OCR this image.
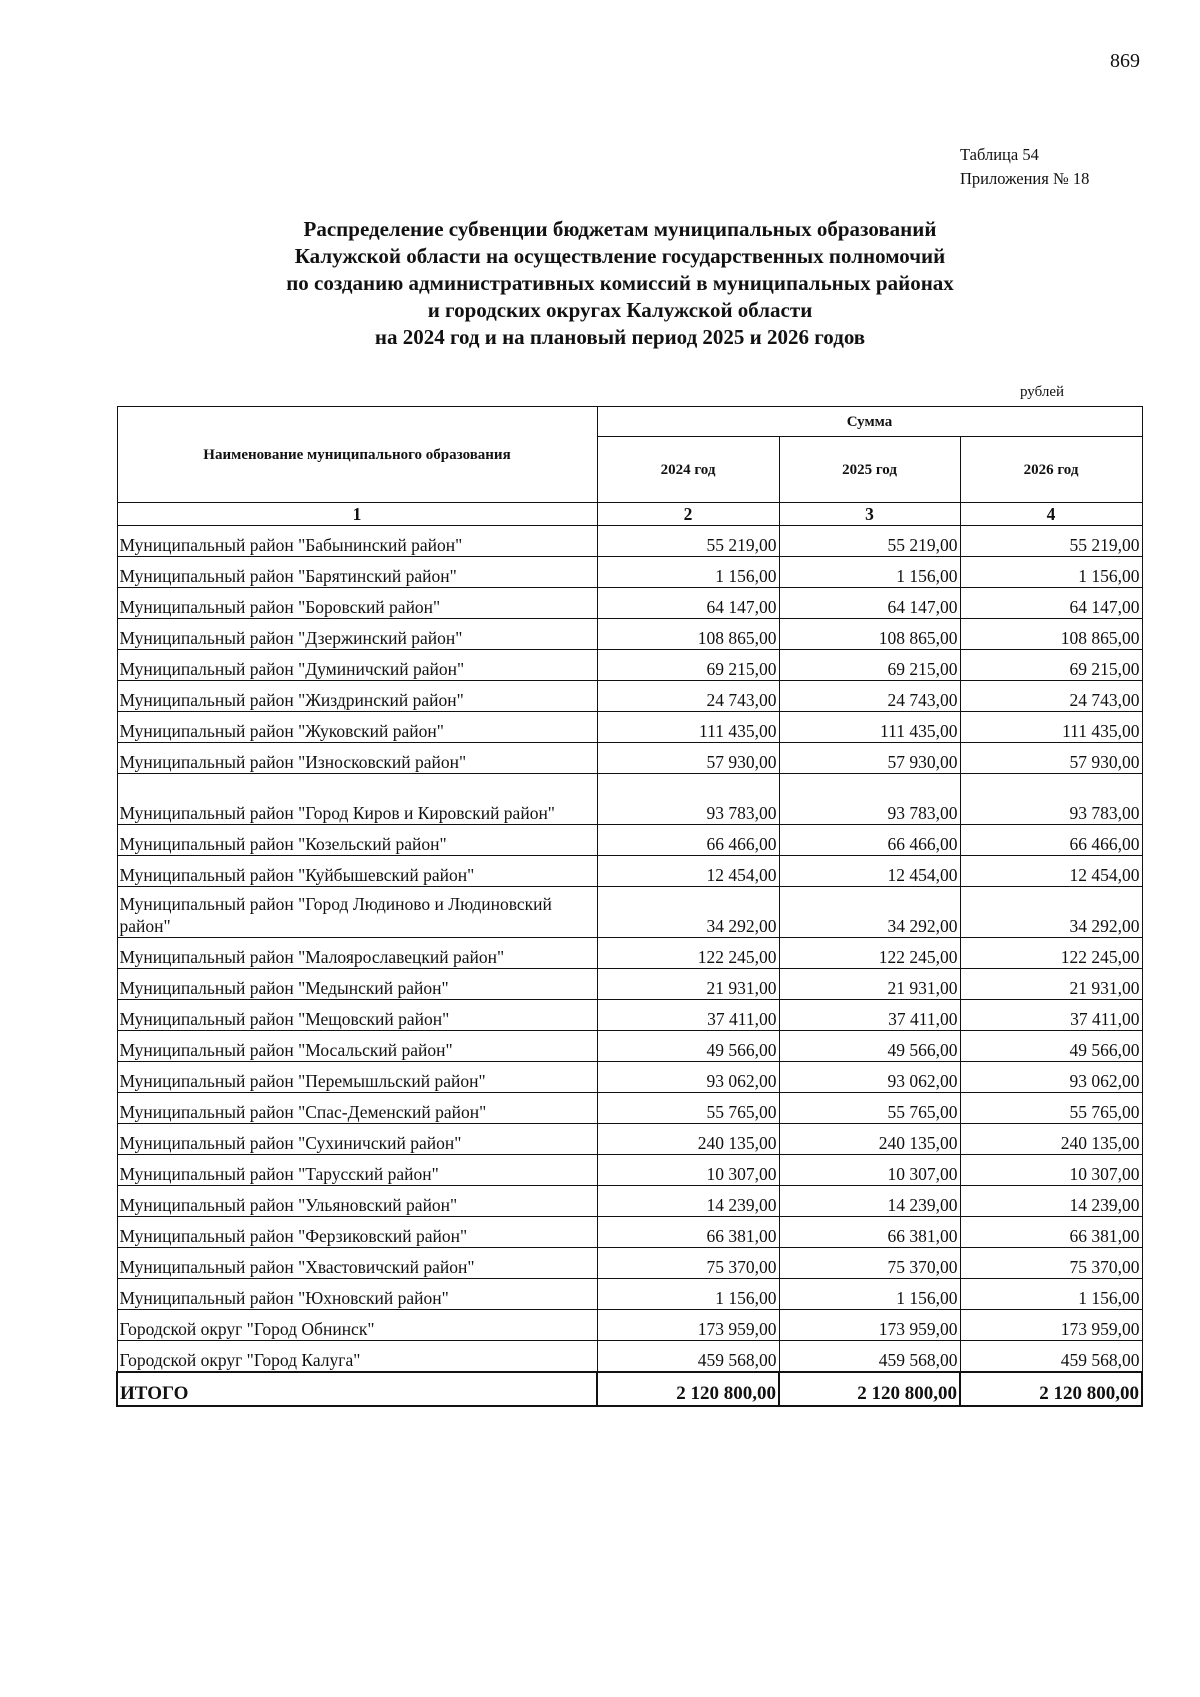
869
Таблица 54
Приложения № 18
Распределение субвенции бюджетам муниципальных образований
Калужской области на осуществление государственных полномочий
по созданию административных комиссий в муниципальных районах
и городских округах Калужской области
на 2024 год и на плановый период 2025 и 2026 годов
рублей
Наименование муниципального образования	Сумма		
	2024 год	2025 год	2026 год
1	2	3	4
Муниципальный район "Бабынинский район"	55 219,00	55 219,00	55 219,00
Муниципальный район "Барятинский район"	1 156,00	1 156,00	1 156,00
Муниципальный район "Боровский район"	64 147,00	64 147,00	64 147,00
Муниципальный район "Дзержинский район"	108 865,00	108 865,00	108 865,00
Муниципальный район "Думиничский район"	69 215,00	69 215,00	69 215,00
Муниципальный район "Жиздринский район"	24 743,00	24 743,00	24 743,00
Муниципальный район "Жуковский район"	111 435,00	111 435,00	111 435,00
Муниципальный район "Износковский район"	57 930,00	57 930,00	57 930,00
Муниципальный район "Город Киров и Кировский район"	93 783,00	93 783,00	93 783,00
Муниципальный район "Козельский район"	66 466,00	66 466,00	66 466,00
Муниципальный район "Куйбышевский район"	12 454,00	12 454,00	12 454,00
Муниципальный район "Город Людиново и Людиновский район"	34 292,00	34 292,00	34 292,00
Муниципальный район "Малоярославецкий район"	122 245,00	122 245,00	122 245,00
Муниципальный район "Медынский район"	21 931,00	21 931,00	21 931,00
Муниципальный район "Мещовский район"	37 411,00	37 411,00	37 411,00
Муниципальный район "Мосальский район"	49 566,00	49 566,00	49 566,00
Муниципальный район "Перемышльский район"	93 062,00	93 062,00	93 062,00
Муниципальный район "Спас-Деменский район"	55 765,00	55 765,00	55 765,00
Муниципальный район "Сухиничский район"	240 135,00	240 135,00	240 135,00
Муниципальный район "Тарусский район"	10 307,00	10 307,00	10 307,00
Муниципальный район "Ульяновский район"	14 239,00	14 239,00	14 239,00
Муниципальный район "Ферзиковский район"	66 381,00	66 381,00	66 381,00
Муниципальный район "Хвастовичский район"	75 370,00	75 370,00	75 370,00
Муниципальный район "Юхновский район"	1 156,00	1 156,00	1 156,00
Городской округ "Город Обнинск"	173 959,00	173 959,00	173 959,00
Городской округ "Город Калуга"	459 568,00	459 568,00	459 568,00
ИТОГО	2 120 800,00	2 120 800,00	2 120 800,00
